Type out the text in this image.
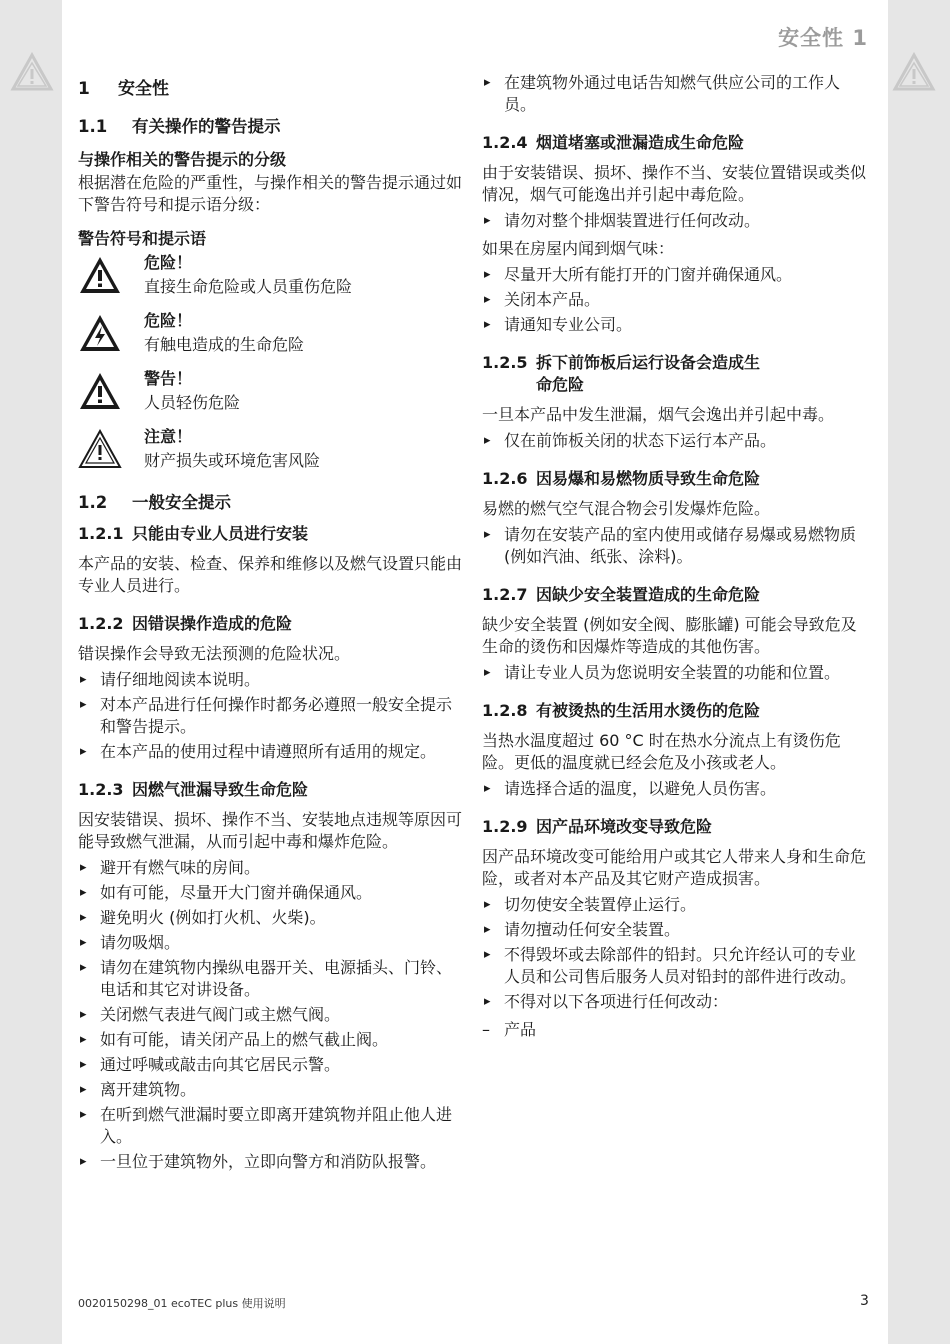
安全性 1
1 安全性
1.1 有关操作的警告提示
与操作相关的警告提示的分级

根据潜在危险的严重性，与操作相关的警告提示通过如下警告符号和提示语分级：

警告符号和提示语
危险！
直接生命危险或人员重伤危险
危险！
有触电造成的生命危险
警告！
人员轻伤危险
注意！
财产损失或环境危害风险
1.2 一般安全提示
1.2.1 只能由专业人员进行安装

本产品的安装、检查、保养和维修以及燃气设置只能由专业人员进行。

1.2.2 因错误操作造成的危险

错误操作会导致无法预测的危险状况。

▸ 请仔细地阅读本说明。
▸ 对本产品进行任何操作时都务必遵照一般安全提示和警告提示。
▸ 在本产品的使用过程中请遵照所有适用的规定。
1.2.3 因燃气泄漏导致生命危险

因安装错误、损坏、操作不当、安装地点违规等原因可能导致燃气泄漏，从而引起中毒和爆炸危险。

▸ 避开有燃气味的房间。
▸ 如有可能，尽量开大门窗并确保通风。
▸ 避免明火 (例如打火机、火柴)。
▸ 请勿吸烟。
▸ 请勿在建筑物内操纵电器开关、电源插头、门铃、电话和其它对讲设备。
▸ 关闭燃气表进气阀门或主燃气阀。
▸ 如有可能，请关闭产品上的燃气截止阀。
▸ 通过呼喊或敲击向其它居民示警。
▸ 离开建筑物。
▸ 在听到燃气泄漏时要立即离开建筑物并阻止他人进入。
▸ 一旦位于建筑物外，立即向警方和消防队报警。
▸ 在建筑物外通过电话告知燃气供应公司的工作人员。
1.2.4 烟道堵塞或泄漏造成生命危险

由于安装错误、损坏、操作不当、安装位置错误或类似情况，烟气可能逸出并引起中毒危险。

▸ 请勿对整个排烟装置进行任何改动。

如果在房屋内闻到烟气味：

▸ 尽量开大所有能打开的门窗并确保通风。
▸ 关闭本产品。
▸ 请通知专业公司。
1.2.5 拆下前饰板后运行设备会造成生
命危险

一旦本产品中发生泄漏，烟气会逸出并引起中毒。

▸ 仅在前饰板关闭的状态下运行本产品。
1.2.6 因易爆和易燃物质导致生命危险

易燃的燃气空气混合物会引发爆炸危险。

▸ 请勿在安装产品的室内使用或储存易爆或易燃物质 (例如汽油、纸张、涂料)。
1.2.7 因缺少安全装置造成的生命危险

缺少安全装置 (例如安全阀、膨胀罐) 可能会导致危及生命的烫伤和因爆炸等造成的其他伤害。

▸ 请让专业人员为您说明安全装置的功能和位置。
1.2.8 有被烫热的生活用水烫伤的危险

当热水温度超过 60 °C 时在热水分流点上有烫伤危险。更低的温度就已经会危及小孩或老人。

▸ 请选择合适的温度，以避免人员伤害。
1.2.9 因产品环境改变导致危险

因产品环境改变可能给用户或其它人带来人身和生命危险，或者对本产品及其它财产造成损害。

▸ 切勿使安全装置停止运行。
▸ 请勿擅动任何安全装置。
▸ 不得毁坏或去除部件的铅封。只允许经认可的专业人员和公司售后服务人员对铅封的部件进行改动。
▸ 不得对以下各项进行任何改动：
– 产品
0020150298_01 ecoTEC plus 使用说明	3
